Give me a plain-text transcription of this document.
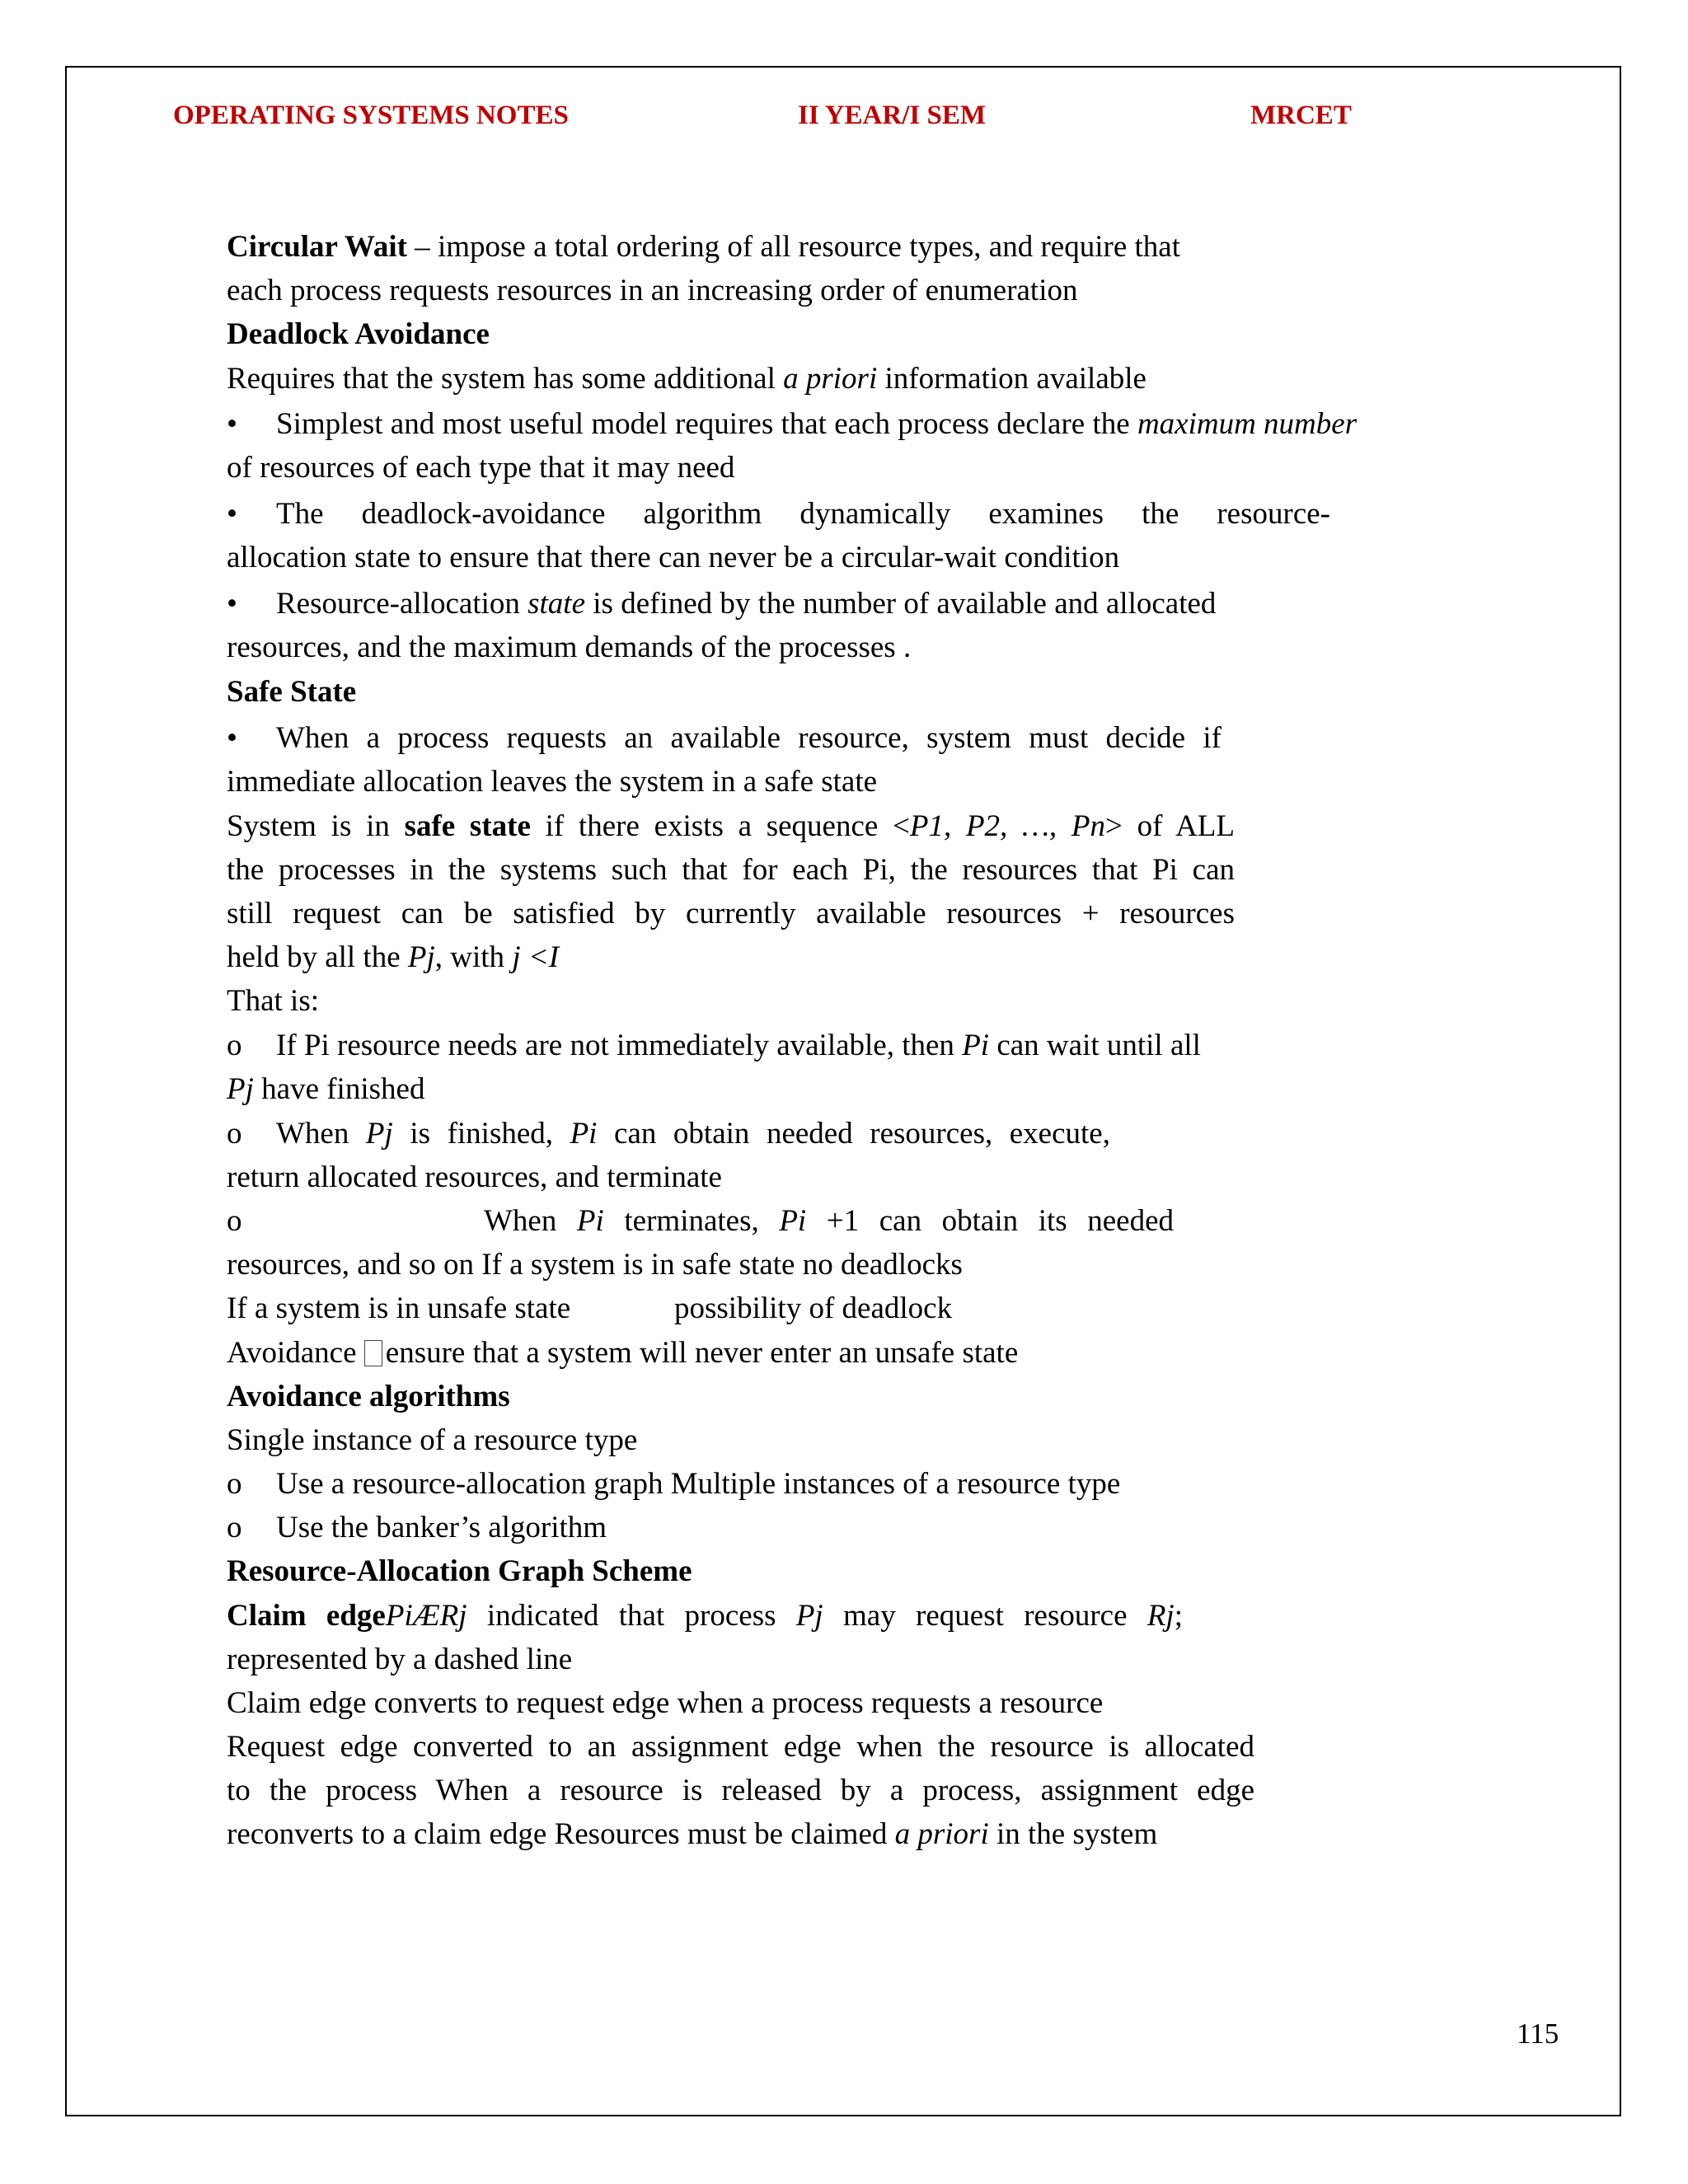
OPERATING SYSTEMS NOTES	II YEAR/I SEM	MRCET
Circular Wait – impose a total ordering of all resource types, and require that
each process requests resources in an increasing order of enumeration
Deadlock Avoidance
Requires that the system has some additional a priori information available
• Simplest and most useful model requires that each process declare the maximum number
of resources of each type that it may need
• The deadlock-avoidance algorithm dynamically examines the resource-
allocation state to ensure that there can never be a circular-wait condition
• Resource-allocation state is defined by the number of available and allocated
resources, and the maximum demands of the processes .
Safe State
• When a process requests an available resource, system must decide if
immediate allocation leaves the system in a safe state
System is in safe state if there exists a sequence <P1, P2, …, Pn> of ALL
the processes in the systems such that for each Pi, the resources that Pi can
still request can be satisfied by currently available resources + resources
held by all the Pj, with j <I
That is:
o If Pi resource needs are not immediately available, then Pi can wait until all
Pj have finished
o When Pj is finished, Pi can obtain needed resources, execute,
return allocated resources, and terminate
o	When Pi terminates, Pi +1 can obtain its needed
resources, and so on If a system is in safe state no deadlocks
If a system is in unsafe state	possibility of deadlock
Avoidance ensure that a system will never enter an unsafe state
Avoidance algorithms
Single instance of a resource type
o Use a resource-allocation graph Multiple instances of a resource type
o Use the banker’s algorithm
Resource-Allocation Graph Scheme
Claim edgePiÆRj indicated that process Pj may request resource Rj;
represented by a dashed line
Claim edge converts to request edge when a process requests a resource
Request edge converted to an assignment edge when the resource is allocated
to the process When a resource is released by a process, assignment edge
reconverts to a claim edge Resources must be claimed a priori in the system
115
